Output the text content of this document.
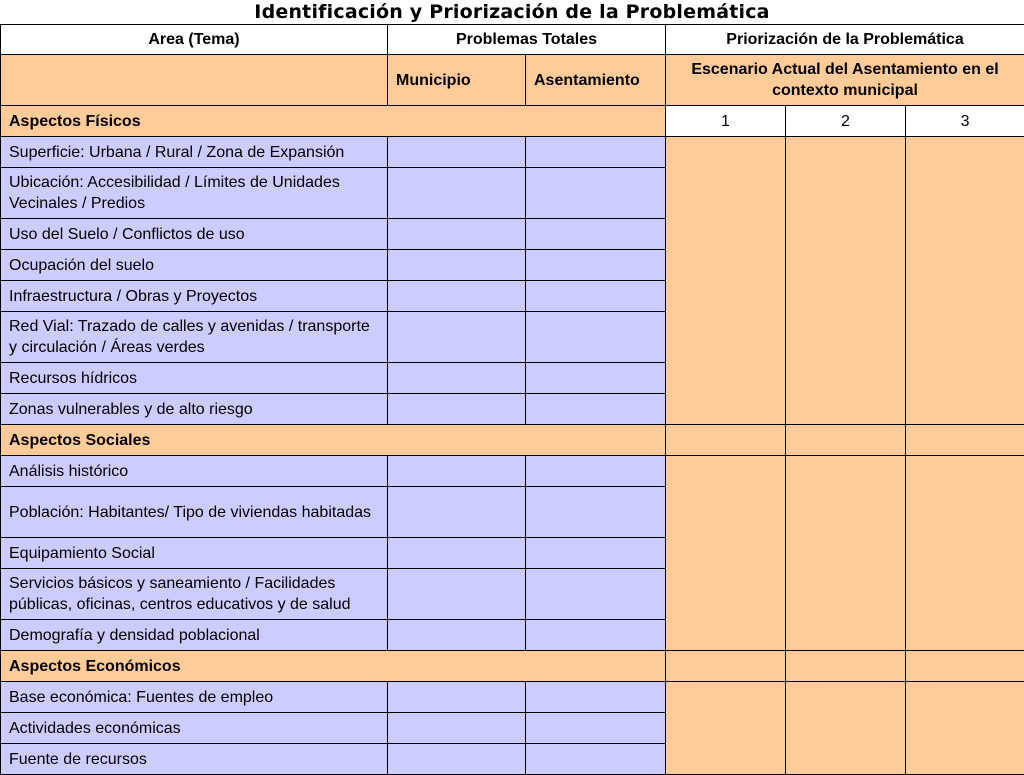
Identificación y Priorización de la Problemática
Area (Tema)	Problemas Totales		Priorización de la Problemática		
	Municipio	Asentamiento	Escenario Actual del Asentamiento en el contexto municipal		
Aspectos Físicos			1	2	3
Superficie: Urbana / Rural / Zona de Expansión					
Ubicación: Accesibilidad / Límites de Unidades Vecinales / Predios					
Uso del Suelo / Conflictos de uso					
Ocupación del suelo					
Infraestructura / Obras y Proyectos					
Red Vial: Trazado de calles y avenidas / transporte y circulación / Áreas verdes					
Recursos hídricos					
Zonas vulnerables y de alto riesgo					
Aspectos Sociales					
Análisis histórico					
Población: Habitantes/ Tipo de viviendas habitadas					
Equipamiento Social					
Servicios básicos y saneamiento / Facilidades públicas, oficinas, centros educativos y de salud					
Demografía y densidad poblacional					
Aspectos Económicos					
Base económica: Fuentes de empleo					
Actividades económicas					
Fuente de recursos					
